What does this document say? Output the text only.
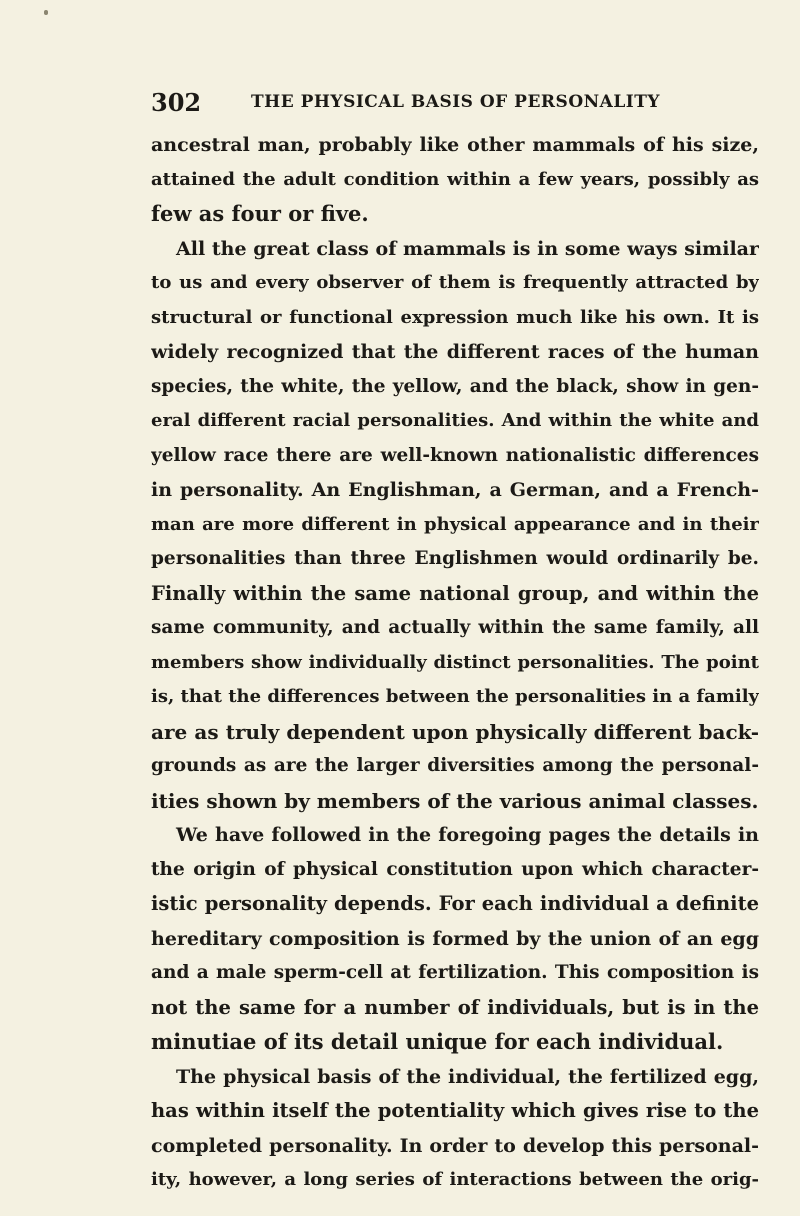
302	THE PHYSICAL BASIS OF PERSONALITY
ancestral man, probably like other mammals of his size,
attained the adult condition within a few years, possibly as
few as four or five.
All the great class of mammals is in some ways similar
to us and every observer of them is frequently attracted by
structural or functional expression much like his own. It is
widely recognized that the different races of the human
species, the white, the yellow, and the black, show in gen-
eral different racial personalities. And within the white and
yellow race there are well-known nationalistic differences
in personality. An Englishman, a German, and a French-
man are more different in physical appearance and in their
personalities than three Englishmen would ordinarily be.
Finally within the same national group, and within the
same community, and actually within the same family, all
members show individually distinct personalities. The point
is, that the differences between the personalities in a family
are as truly dependent upon physically different back-
grounds as are the larger diversities among the personal-
ities shown by members of the various animal classes.
We have followed in the foregoing pages the details in
the origin of physical constitution upon which character-
istic personality depends. For each individual a definite
hereditary composition is formed by the union of an egg
and a male sperm-cell at fertilization. This composition is
not the same for a number of individuals, but is in the
minutiae of its detail unique for each individual.
The physical basis of the individual, the fertilized egg,
has within itself the potentiality which gives rise to the
completed personality. In order to develop this personal-
ity, however, a long series of interactions between the orig-
